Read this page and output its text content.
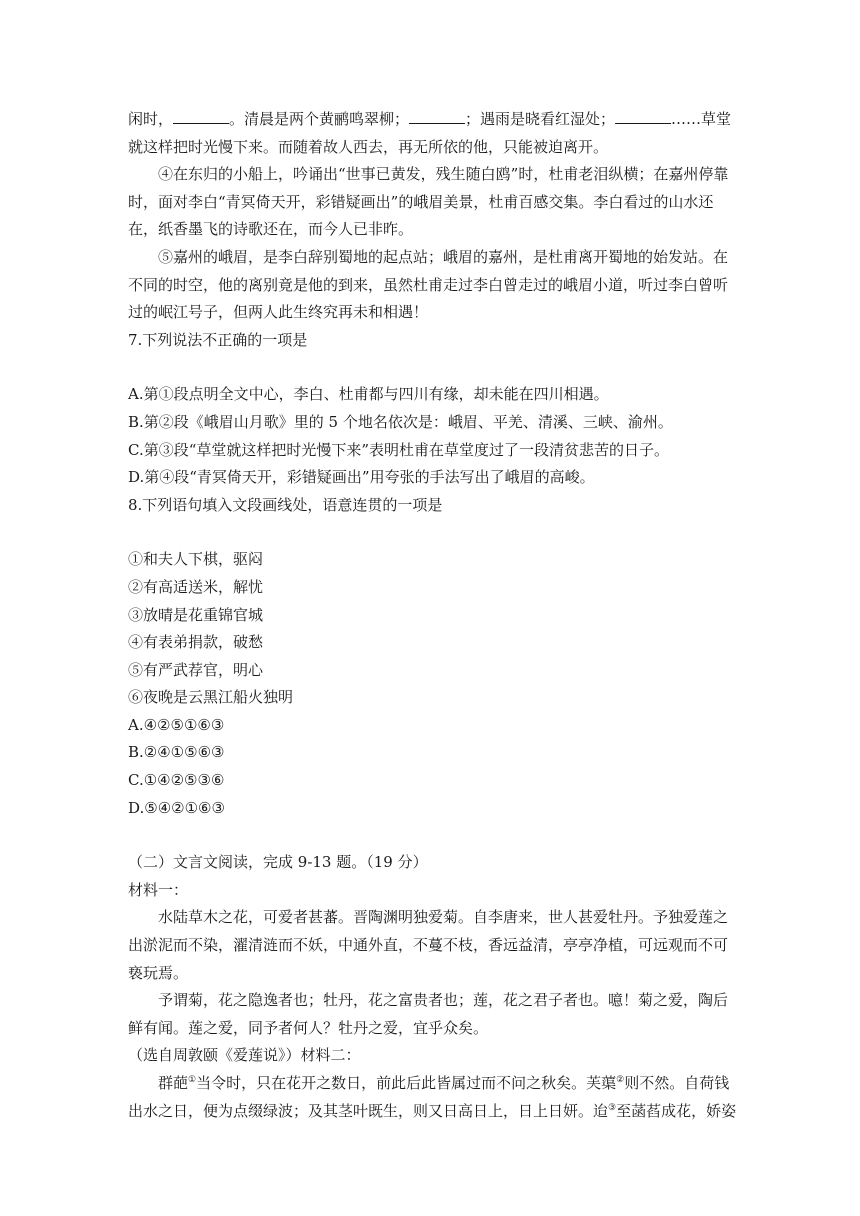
闲时，	。清晨是两个黄鹂鸣翠柳；	；遇雨是晓看红湿处；	……草堂就这样把时光慢下来。而随着故人西去，再无所依的他，只能被迫离开。

④在东归的小船上，吟诵出“世事已黄发，残生随白鸥”时，杜甫老泪纵横；在嘉州停靠时，面对李白“青冥倚天开，彩错疑画出”的峨眉美景，杜甫百感交集。李白看过的山水还在，纸香墨飞的诗歌还在，而今人已非昨。

⑤嘉州的峨眉，是李白辞别蜀地的起点站；峨眉的嘉州，是杜甫离开蜀地的始发站。在不同的时空，他的离别竟是他的到来，虽然杜甫走过李白曾走过的峨眉小道，听过李白曾听过的岷江号子，但两人此生终究再未和相遇！

7.下列说法不正确的一项是

A.第①段点明全文中心，李白、杜甫都与四川有缘，却未能在四川相遇。

B.第②段《峨眉山月歌》里的 5 个地名依次是：峨眉、平羌、清溪、三峡、渝州。

C.第③段“草堂就这样把时光慢下来”表明杜甫在草堂度过了一段清贫悲苦的日子。

D.第④段“青冥倚天开，彩错疑画出”用夸张的手法写出了峨眉的高峻。

8.下列语句填入文段画线处，语意连贯的一项是

①和夫人下棋，驱闷

②有高适送米，解忧

③放晴是花重锦官城

④有表弟捐款，破愁

⑤有严武荐官，明心

⑥夜晚是云黑江船火独明

A.④②⑤①⑥③

B.②④①⑤⑥③

C.①④②⑤③⑥

D.⑤④②①⑥③

（二）文言文阅读，完成 9-13 题。（19 分）

材料一：

水陆草木之花，可爱者甚蕃。晋陶渊明独爱菊。自李唐来，世人甚爱牡丹。予独爱莲之出淤泥而不染，濯清涟而不妖，中通外直，不蔓不枝，香远益清，亭亭净植，可远观而不可亵玩焉。

予谓菊，花之隐逸者也；牡丹，花之富贵者也；莲，花之君子者也。噫！菊之爱，陶后鲜有闻。莲之爱，同予者何人？牡丹之爱，宜乎众矣。

（选自周敦颐《爱莲说》）材料二：

群葩①当令时，只在花开之数日，前此后此皆属过而不问之秋矣。芙蕖②则不然。自荷钱出水之日，便为点缀绿波；及其茎叶既生，则又日高日上，日上日妍。迨③至菡萏成花，娇姿
